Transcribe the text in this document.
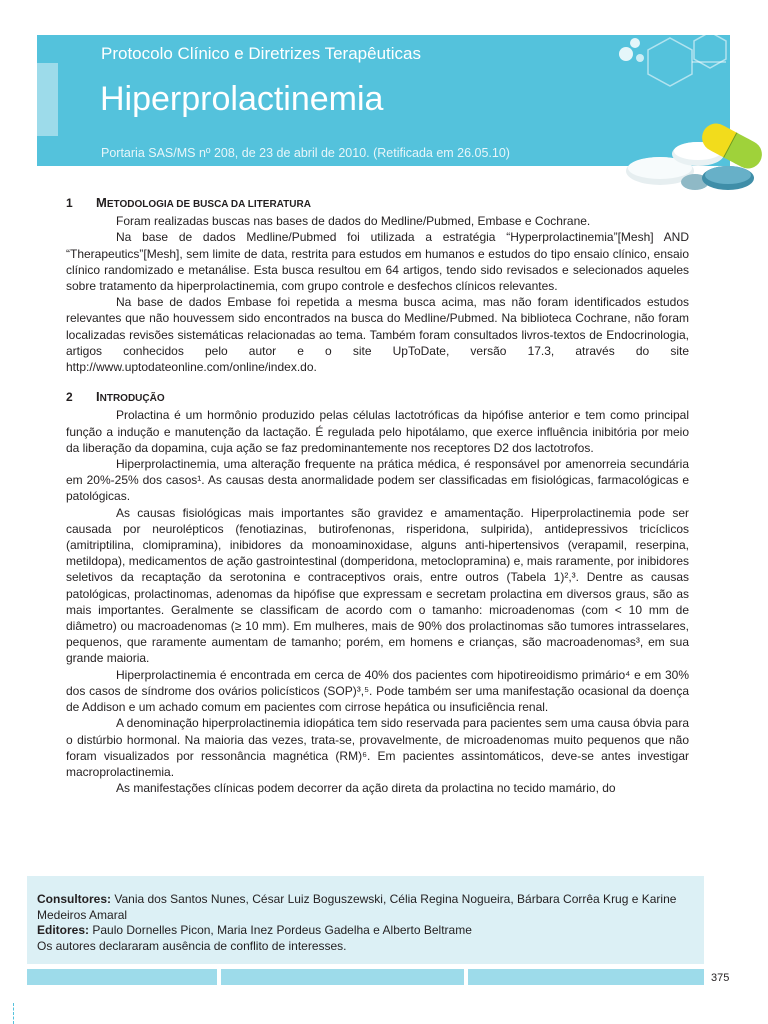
Protocolo Clínico e Diretrizes Terapêuticas
Hiperprolactinemia

Portaria SAS/MS nº 208, de 23 de abril de 2010. (Retificada em 26.05.10)

1	METODOLOGIA DE BUSCA DA LITERATURA

Foram realizadas buscas nas bases de dados do Medline/Pubmed, Embase e Cochrane.

Na base de dados Medline/Pubmed foi utilizada a estratégia “Hyperprolactinemia”[Mesh] AND “Therapeutics”[Mesh], sem limite de data, restrita para estudos em humanos e estudos do tipo ensaio clínico, ensaio clínico randomizado e metanálise. Esta busca resultou em 64 artigos, tendo sido revisados e selecionados aqueles sobre tratamento da hiperprolactinemia, com grupo controle e desfechos clínicos relevantes.

Na base de dados Embase foi repetida a mesma busca acima, mas não foram identificados estudos relevantes que não houvessem sido encontrados na busca do Medline/Pubmed. Na biblioteca Cochrane, não foram localizadas revisões sistemáticas relacionadas ao tema. Também foram consultados livros-textos de Endocrinologia, artigos conhecidos pelo autor e o site UpToDate, versão 17.3, através do site http://www.uptodateonline.com/online/index.do.

2	INTRODUÇÃO

Prolactina é um hormônio produzido pelas células lactotróficas da hipófise anterior e tem como principal função a indução e manutenção da lactação. É regulada pelo hipotálamo, que exerce influência inibitória por meio da liberação da dopamina, cuja ação se faz predominantemente nos receptores D2 dos lactotrofos.

Hiperprolactinemia, uma alteração frequente na prática médica, é responsável por amenorreia secundária em 20%-25% dos casos¹. As causas desta anormalidade podem ser classificadas em fisiológicas, farmacológicas e patológicas.

As causas fisiológicas mais importantes são gravidez e amamentação. Hiperprolactinemia pode ser causada por neurolépticos (fenotiazinas, butirofenonas, risperidona, sulpirida), antidepressivos tricíclicos (amitriptilina, clomipramina), inibidores da monoaminoxidase, alguns anti-hipertensivos (verapamil, reserpina, metildopa), medicamentos de ação gastrointestinal (domperidona, metoclopramina) e, mais raramente, por inibidores seletivos da recaptação da serotonina e contraceptivos orais, entre outros (Tabela 1)²,³. Dentre as causas patológicas, prolactinomas, adenomas da hipófise que expressam e secretam prolactina em diversos graus, são as mais importantes. Geralmente se classificam de acordo com o tamanho: microadenomas (com < 10 mm de diâmetro) ou macroadenomas (≥ 10 mm). Em mulheres, mais de 90% dos prolactinomas são tumores intrasselares, pequenos, que raramente aumentam de tamanho; porém, em homens e crianças, são macroadenomas³, em sua grande maioria.

Hiperprolactinemia é encontrada em cerca de 40% dos pacientes com hipotireoidismo primário⁴ e em 30% dos casos de síndrome dos ovários policísticos (SOP)³,⁵. Pode também ser uma manifestação ocasional da doença de Addison e um achado comum em pacientes com cirrose hepática ou insuficiência renal.

A denominação hiperprolactinemia idiopática tem sido reservada para pacientes sem uma causa óbvia para o distúrbio hormonal. Na maioria das vezes, trata-se, provavelmente, de microadenomas muito pequenos que não foram visualizados por ressonância magnética (RM)⁶. Em pacientes assintomáticos, deve-se antes investigar macroprolactinemia.

As manifestações clínicas podem decorrer da ação direta da prolactina no tecido mamário, do

Consultores: Vania dos Santos Nunes, César Luiz Boguszewski, Célia Regina Nogueira, Bárbara Corrêa Krug e Karine Medeiros Amaral

Editores: Paulo Dornelles Picon, Maria Inez Pordeus Gadelha e Alberto Beltrame

Os autores declararam ausência de conflito de interesses.

375
